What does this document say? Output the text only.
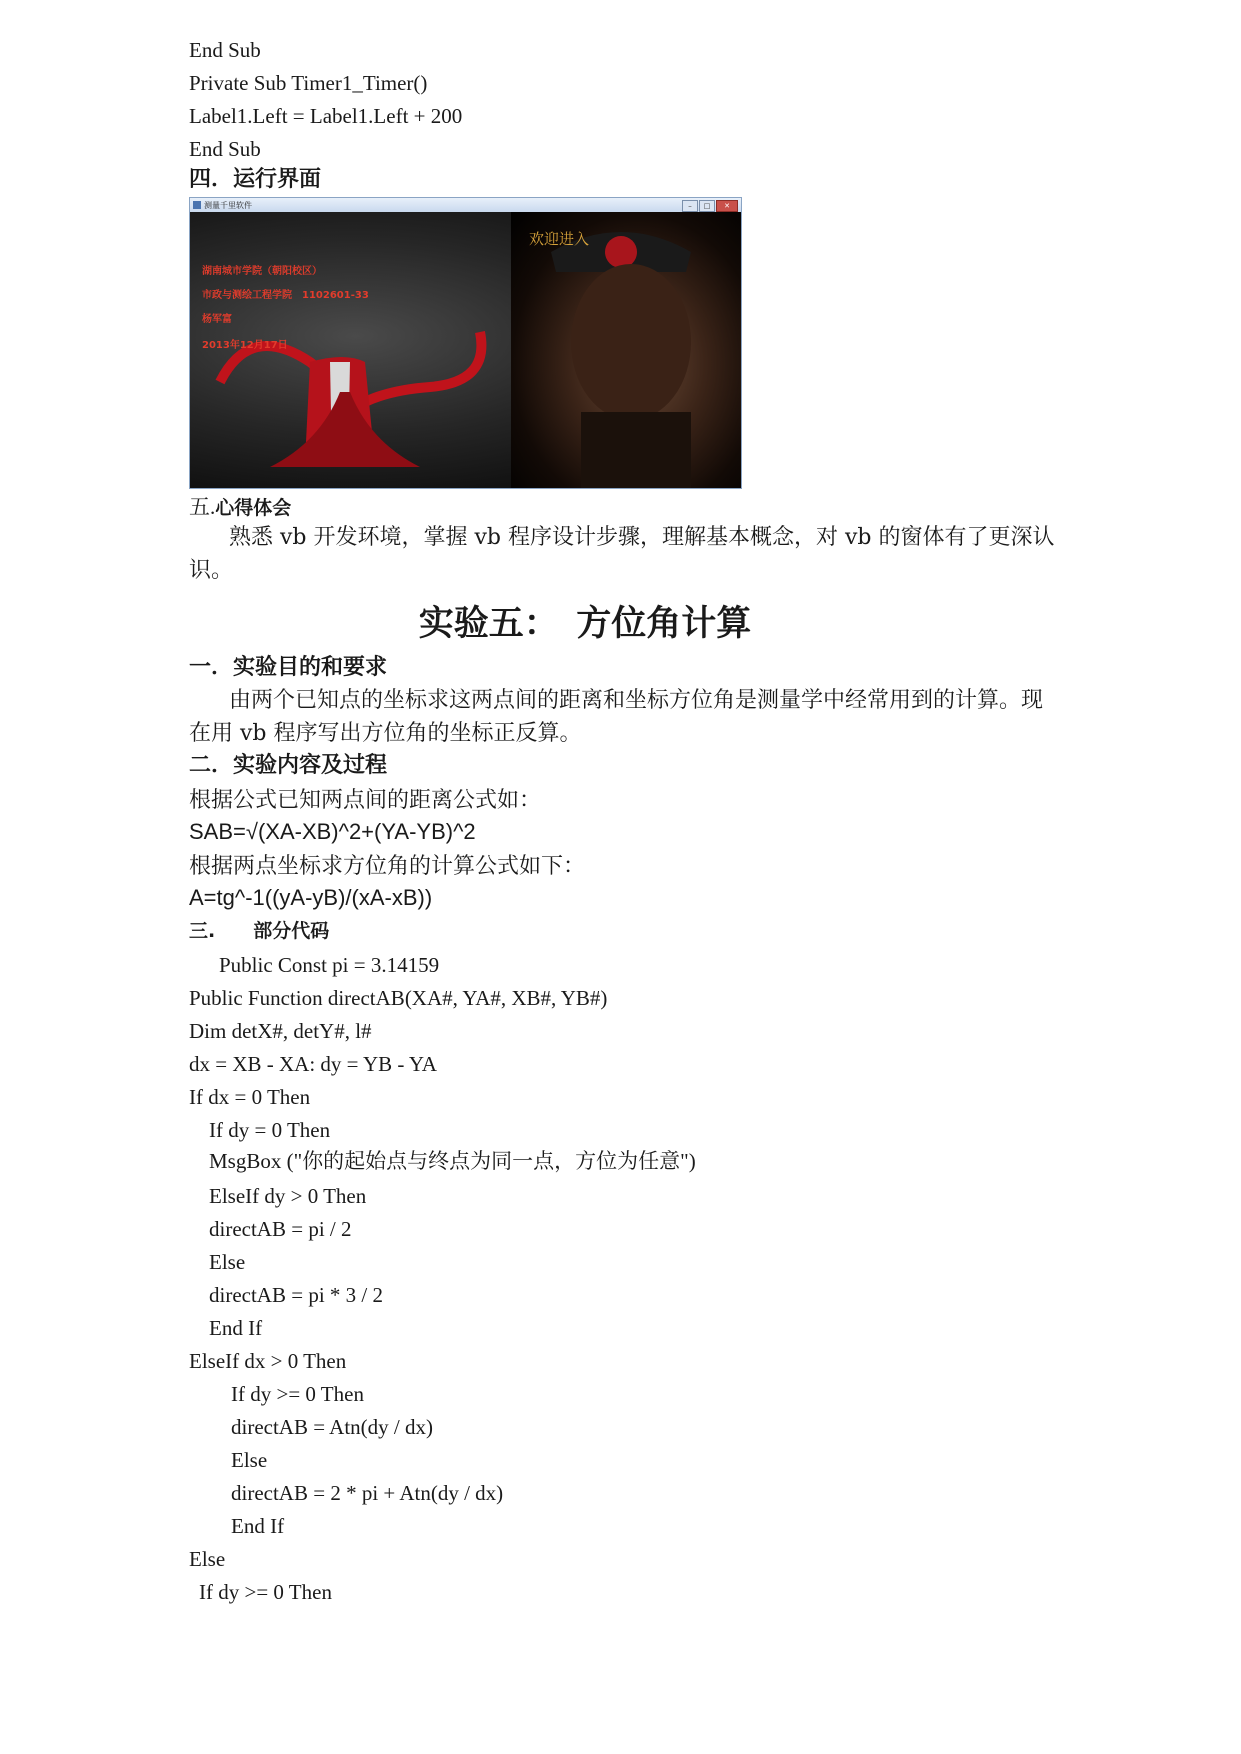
End Sub
Private Sub Timer1_Timer()
Label1.Left = Label1.Left + 200
End Sub
四．运行界面
测量千里软件	–	□	✕
欢迎进入
湖南城市学院（朝阳校区）
市政与测绘工程学院　1102601-33
杨军富
2013年12月17日
五.心得体会
熟悉 vb 开发环境，掌握 vb 程序设计步骤，理解基本概念，对 vb 的窗体有了更深认识。
实验五：　方位角计算
一．实验目的和要求
由两个已知点的坐标求这两点间的距离和坐标方位角是测量学中经常用到的计算。现在用 vb 程序写出方位角的坐标正反算。
二．实验内容及过程
根据公式已知两点间的距离公式如：
SAB=√(XA-XB)^2+(YA-YB)^2
根据两点坐标求方位角的计算公式如下：
A=tg^-1((yA-yB)/(xA-xB))
三.　　部分代码
Public Const pi = 3.14159
Public Function directAB(XA#, YA#, XB#, YB#)
Dim detX#, detY#, l#
dx = XB - XA: dy = YB - YA
If dx = 0 Then
If dy = 0 Then
MsgBox ("你的起始点与终点为同一点，方位为任意")
ElseIf dy > 0 Then
directAB = pi / 2
Else
directAB = pi * 3 / 2
End If
ElseIf dx > 0 Then
If dy >= 0 Then
directAB = Atn(dy / dx)
Else
directAB = 2 * pi + Atn(dy / dx)
End If
Else
If dy >= 0 Then
